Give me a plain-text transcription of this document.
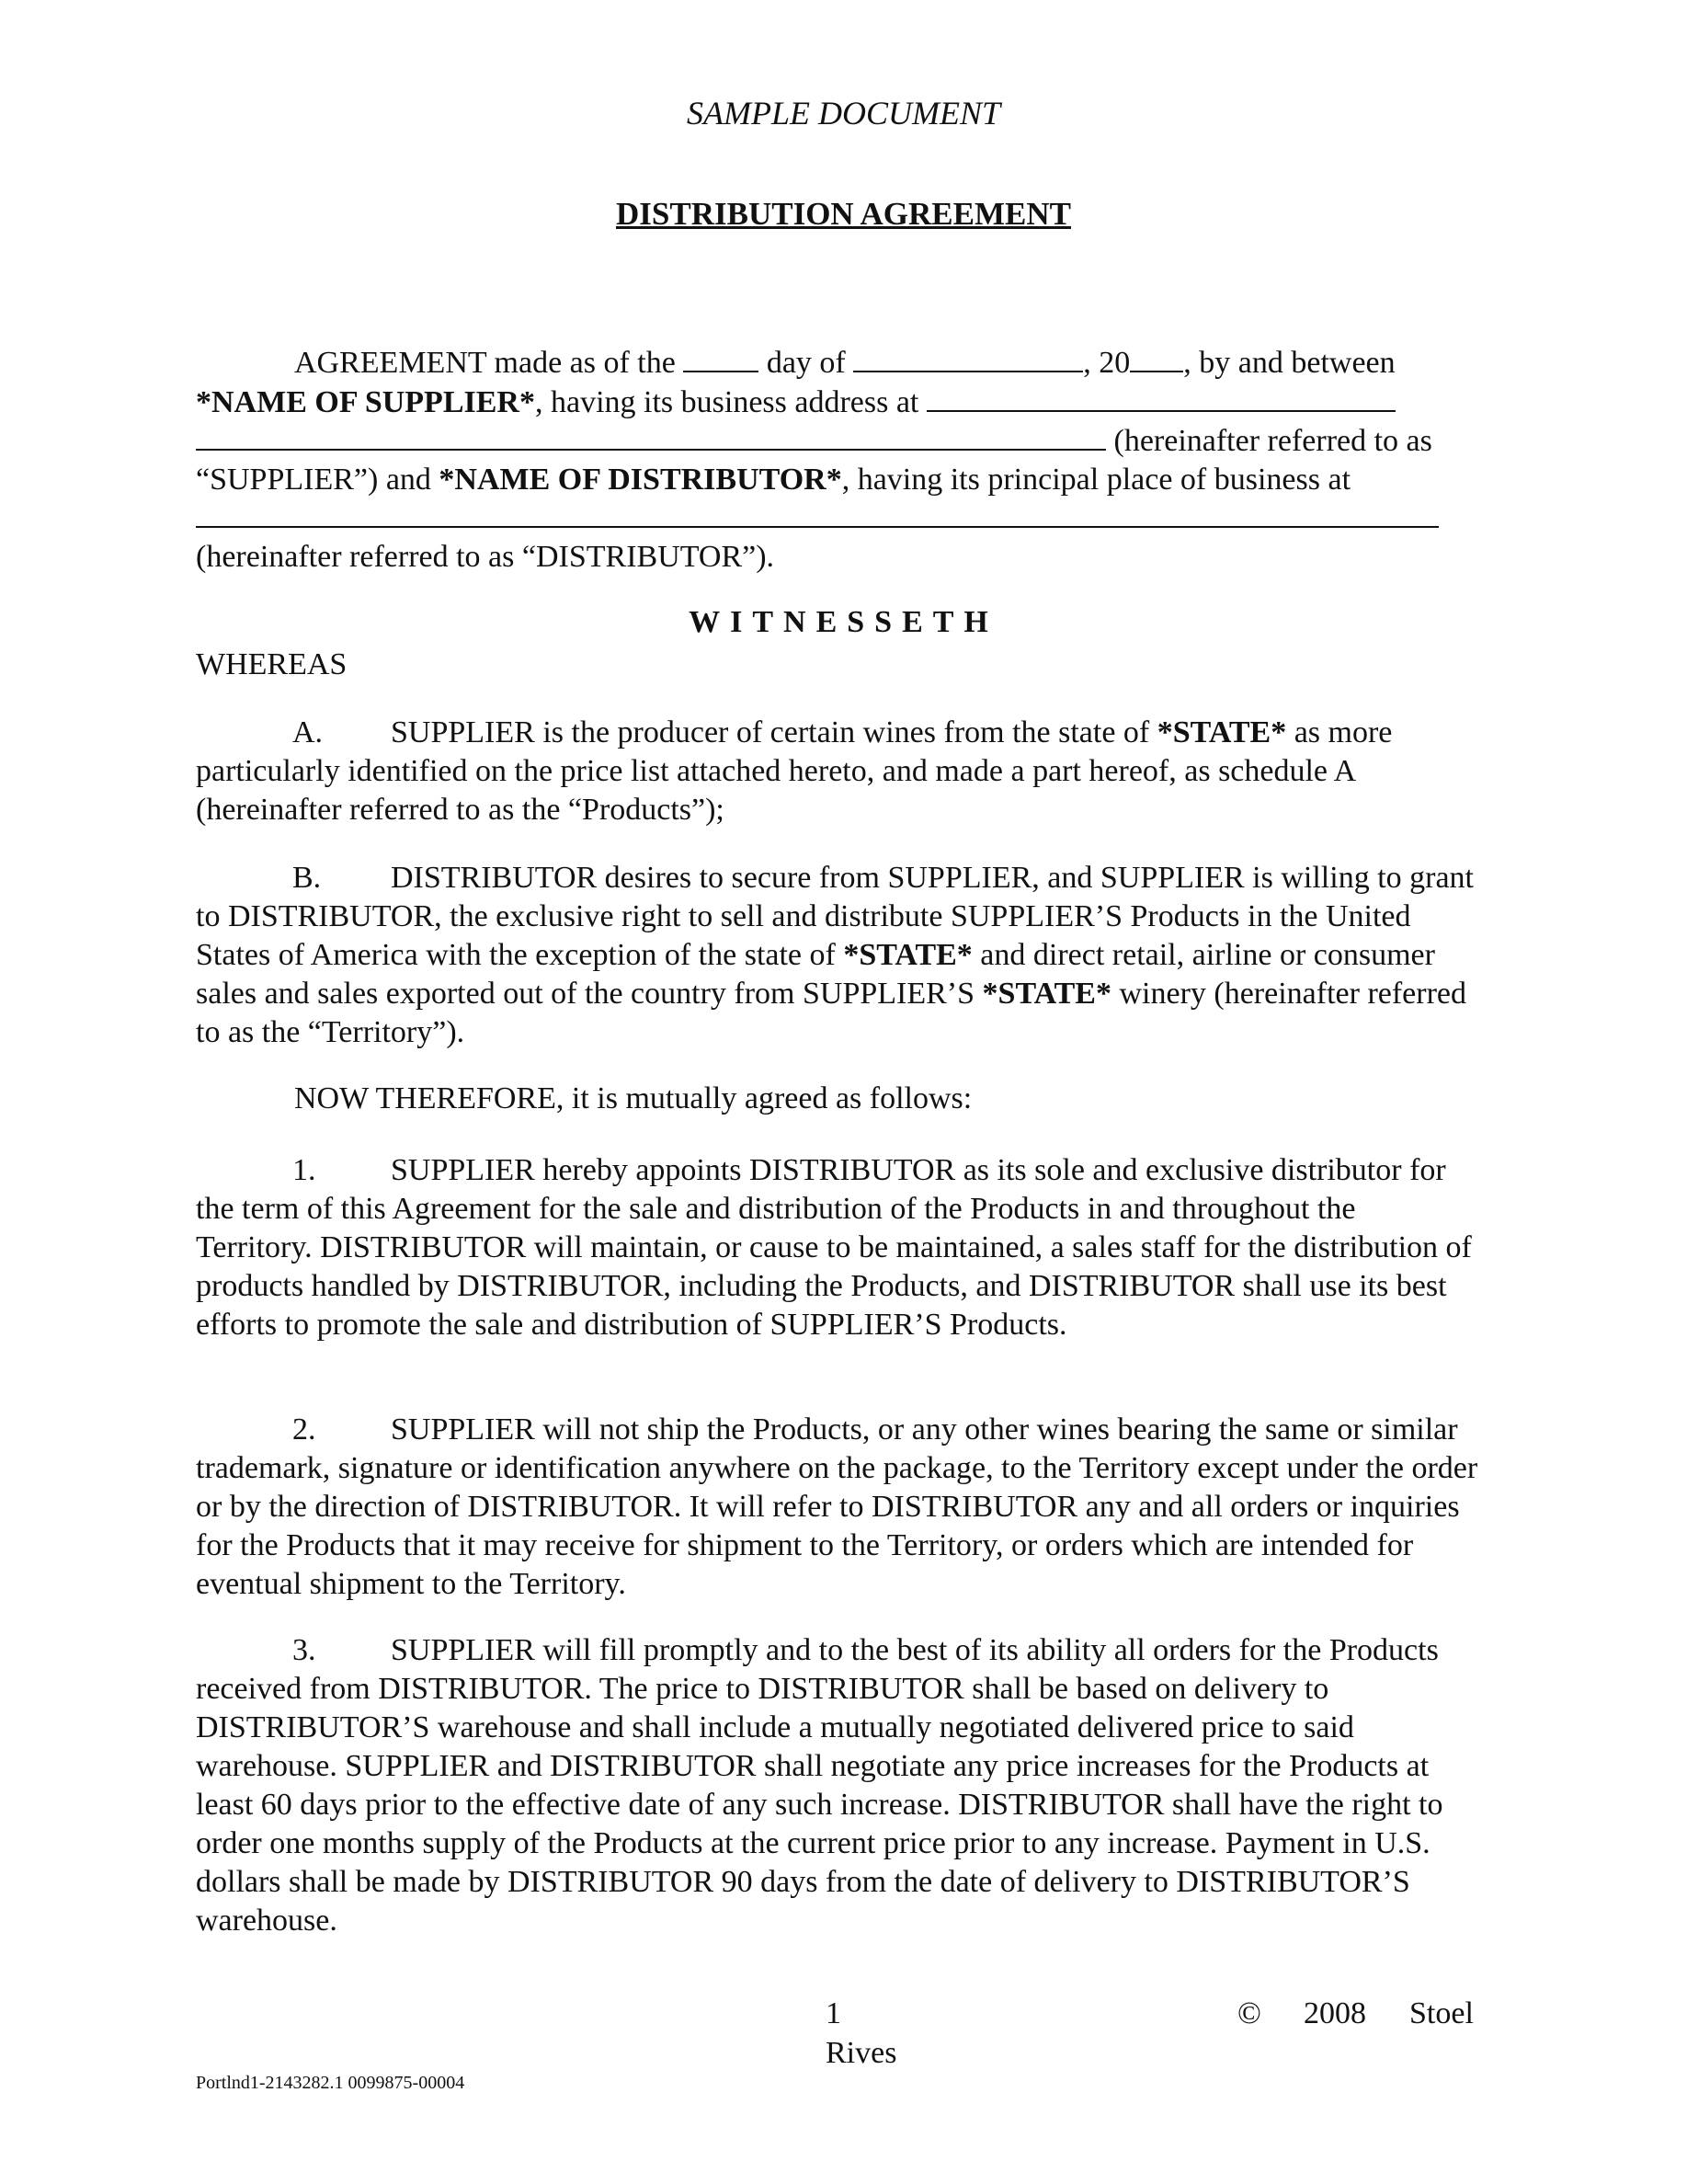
SAMPLE DOCUMENT
DISTRIBUTION AGREEMENT
AGREEMENT made as of the	day of	, 20 , by and between
*NAME OF SUPPLIER*, having its business address at
(hereinafter referred to as
“SUPPLIER”) and *NAME OF DISTRIBUTOR*, having its principal place of business at
(hereinafter referred to as “DISTRIBUTOR”).
WITNESSETH
WHEREAS
A. SUPPLIER is the producer of certain wines from the state of *STATE* as more particularly identified on the price list attached hereto, and made a part hereof, as schedule A (hereinafter referred to as the “Products”);
B. DISTRIBUTOR desires to secure from SUPPLIER, and SUPPLIER is willing to grant to DISTRIBUTOR, the exclusive right to sell and distribute SUPPLIER’S Products in the United States of America with the exception of the state of *STATE* and direct retail, airline or consumer sales and sales exported out of the country from SUPPLIER’S *STATE* winery (hereinafter referred to as the “Territory”).
NOW THEREFORE, it is mutually agreed as follows:
1. SUPPLIER hereby appoints DISTRIBUTOR as its sole and exclusive distributor for the term of this Agreement for the sale and distribution of the Products in and throughout the Territory. DISTRIBUTOR will maintain, or cause to be maintained, a sales staff for the distribution of products handled by DISTRIBUTOR, including the Products, and DISTRIBUTOR shall use its best efforts to promote the sale and distribution of SUPPLIER’S Products.
2. SUPPLIER will not ship the Products, or any other wines bearing the same or similar trademark, signature or identification anywhere on the package, to the Territory except under the order or by the direction of DISTRIBUTOR. It will refer to DISTRIBUTOR any and all orders or inquiries for the Products that it may receive for shipment to the Territory, or orders which are intended for eventual shipment to the Territory.
3. SUPPLIER will fill promptly and to the best of its ability all orders for the Products received from DISTRIBUTOR. The price to DISTRIBUTOR shall be based on delivery to DISTRIBUTOR’S warehouse and shall include a mutually negotiated delivered price to said warehouse. SUPPLIER and DISTRIBUTOR shall negotiate any price increases for the Products at least 60 days prior to the effective date of any such increase. DISTRIBUTOR shall have the right to order one months supply of the Products at the current price prior to any increase. Payment in U.S. dollars shall be made by DISTRIBUTOR 90 days from the date of delivery to DISTRIBUTOR’S warehouse.
1
Rives
© 2008 Stoel
Portlnd1-2143282.1 0099875-00004
